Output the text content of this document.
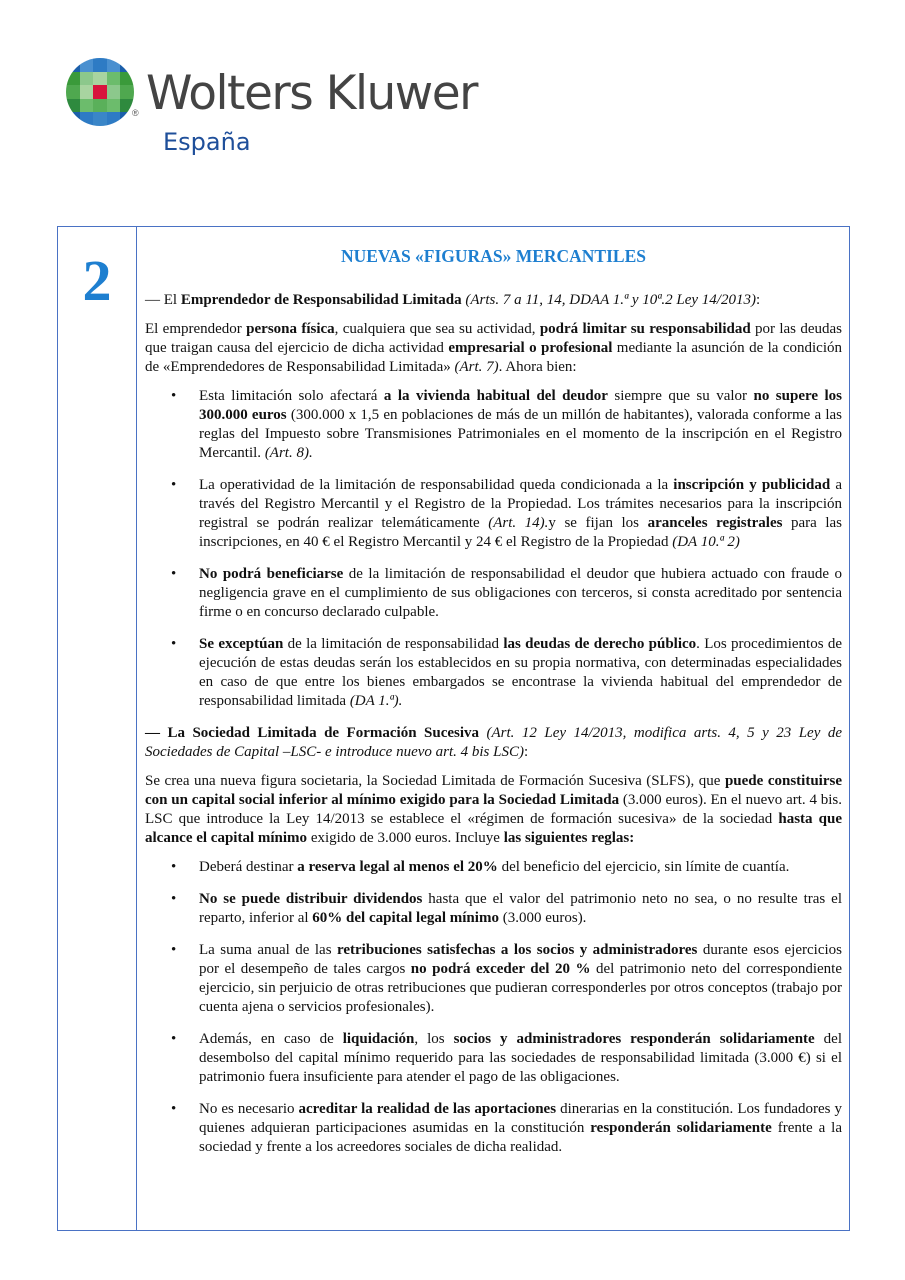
® Wolters Kluwer
España
2	NUEVAS «FIGURAS» MERCANTILES

— El Emprendedor de Responsabilidad Limitada (Arts. 7 a 11, 14, DDAA 1.ª y 10ª.2 Ley 14/2013):

El emprendedor persona física, cualquiera que sea su actividad, podrá limitar su responsabilidad por las deudas que traigan causa del ejercicio de dicha actividad empresarial o profesional mediante la asunción de la condición de «Emprendedores de Responsabilidad Limitada» (Art. 7). Ahora bien:

• Esta limitación solo afectará a la vivienda habitual del deudor siempre que su valor no supere los 300.000 euros (300.000 x 1,5 en poblaciones de más de un millón de habitantes), valorada conforme a las reglas del Impuesto sobre Transmisiones Patrimoniales en el momento de la inscripción en el Registro Mercantil. (Art. 8).
• La operatividad de la limitación de responsabilidad queda condicionada a la inscripción y publicidad a través del Registro Mercantil y el Registro de la Propiedad. Los trámites necesarios para la inscripción registral se podrán realizar telemáticamente (Art. 14).y se fijan los aranceles registrales para las inscripciones, en 40 € el Registro Mercantil y 24 € el Registro de la Propiedad (DA 10.ª 2)
• No podrá beneficiarse de la limitación de responsabilidad el deudor que hubiera actuado con fraude o negligencia grave en el cumplimiento de sus obligaciones con terceros, si consta acreditado por sentencia firme o en concurso declarado culpable.
• Se exceptúan de la limitación de responsabilidad las deudas de derecho público. Los procedimientos de ejecución de estas deudas serán los establecidos en su propia normativa, con determinadas especialidades en caso de que entre los bienes embargados se encontrase la vivienda habitual del emprendedor de responsabilidad limitada (DA 1.ª).

— La Sociedad Limitada de Formación Sucesiva (Art. 12 Ley 14/2013, modifica arts. 4, 5 y 23 Ley de Sociedades de Capital –LSC- e introduce nuevo art. 4 bis LSC):

Se crea una nueva figura societaria, la Sociedad Limitada de Formación Sucesiva (SLFS), que puede constituirse con un capital social inferior al mínimo exigido para la Sociedad Limitada (3.000 euros). En el nuevo art. 4 bis. LSC que introduce la Ley 14/2013 se establece el «régimen de formación sucesiva» de la sociedad hasta que alcance el capital mínimo exigido de 3.000 euros. Incluye las siguientes reglas:

• Deberá destinar a reserva legal al menos el 20% del beneficio del ejercicio, sin límite de cuantía.
• No se puede distribuir dividendos hasta que el valor del patrimonio neto no sea, o no resulte tras el reparto, inferior al 60% del capital legal mínimo (3.000 euros).
• La suma anual de las retribuciones satisfechas a los socios y administradores durante esos ejercicios por el desempeño de tales cargos no podrá exceder del 20 % del patrimonio neto del correspondiente ejercicio, sin perjuicio de otras retribuciones que pudieran corresponderles por otros conceptos (trabajo por cuenta ajena o servicios profesionales).
• Además, en caso de liquidación, los socios y administradores responderán solidariamente del desembolso del capital mínimo requerido para las sociedades de responsabilidad limitada (3.000 €) si el patrimonio fuera insuficiente para atender el pago de las obligaciones.
• No es necesario acreditar la realidad de las aportaciones dinerarias en la constitución. Los fundadores y quienes adquieran participaciones asumidas en la constitución responderán solidariamente frente a la sociedad y frente a los acreedores sociales de dicha realidad.
